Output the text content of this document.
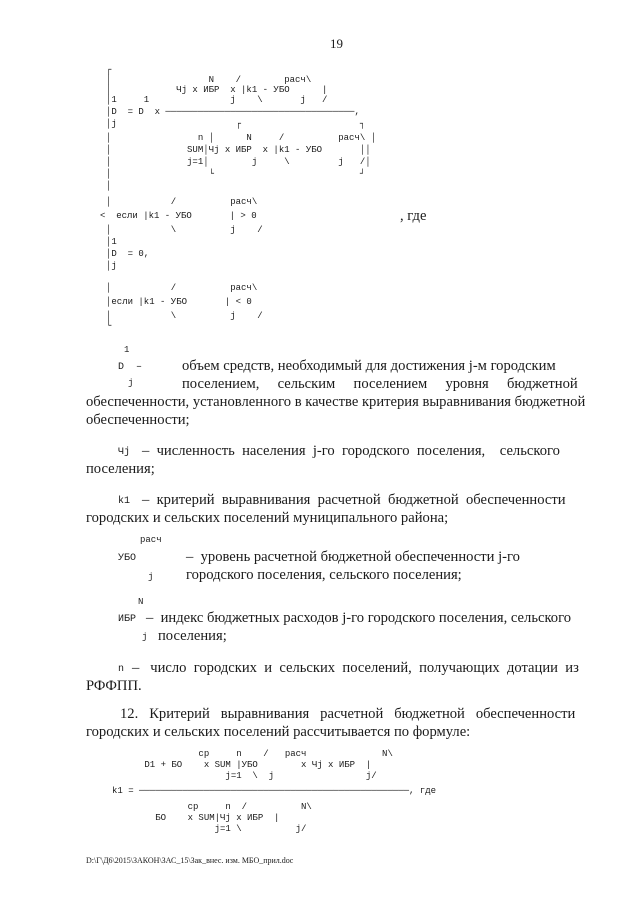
19
┌
│                  N    /        расч\
│            Чj x ИБР  x |k1 - УБО      |
│1     1               j    \       j   /
│D  = D  x ───────────────────────────────────,
│j                      ┌                      ┐
│                n │      N     /          расч\ │
│              SUM│Чj x ИБР  x |k1 - УБО       ││
│              j=1│        j     \         j   /│
│                  └                           ┘
│
│           /          расч\
<  если |k1 - УБО       | > 0
│           \          j    /
│1
│D  = 0,
│j
│           /          расч\
│если |k1 - УБО       | < 0
│           \          j    /
└
, где
1
D  –
j
объем средств, необходимый для достижения j-м городским
поселением,     сельским     поселением     уровня     бюджетной
обеспеченности, установленного в качестве критерия выравнивания бюджетной
обеспеченности;
Чj –  численность  населения  j-го  городского  поселения,    сельского
поселения;
k1 –  критерий  выравнивания  расчетной  бюджетной  обеспеченности
городских и сельских поселений муниципального района;
расч
УБО
j
–  уровень расчетной бюджетной обеспеченности j-го
городского поселения, сельского поселения;
N
ИБР
j
–  индекс бюджетных расходов j-го городского поселения, сельского
поселения;
n –   число  городских  и  сельских  поселений,  получающих  дотации  из
РФФПП.
12.   Критерий   выравнивания   расчетной   бюджетной   обеспеченности
городских и сельских поселений рассчитывается по формуле:
cp     n    /   расч              N\
D1 + БО    x SUM |УБО        x Чj x ИБР  |
j=1  \  j                 j/
k1 = ──────────────────────────────────────────────────, где
cp     n  /          N\
БО    x SUM|Чj x ИБР  |
j=1 \          j/
D:\Г\Д6\2015\ЗАКОН\ЗАС_15\Зак_внес. изм. МБО_прил.doc
